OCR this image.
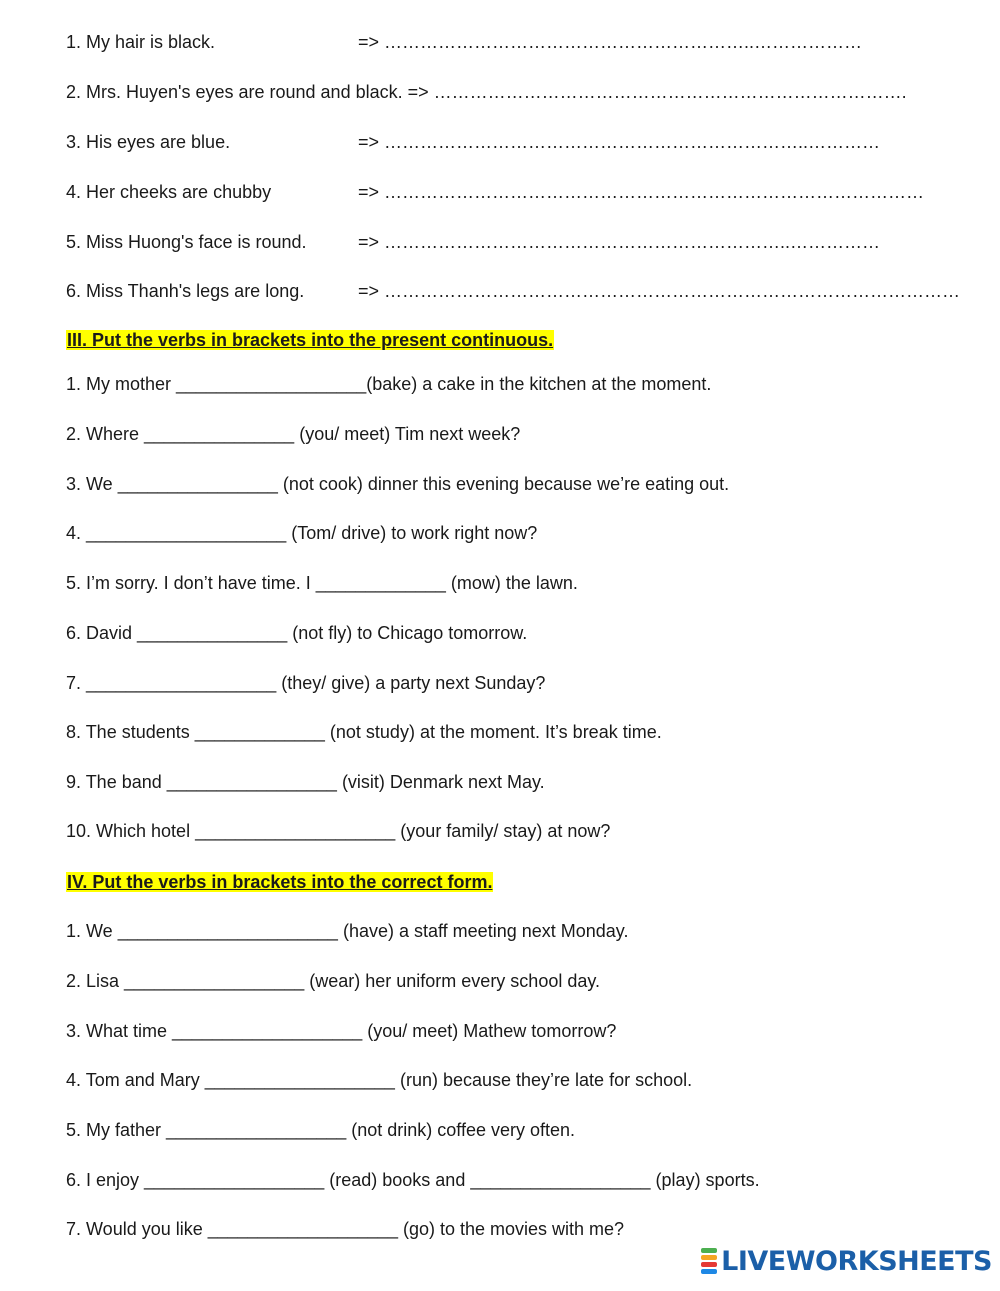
1. My hair is black.	=> ……………………………………………………..………………
2. Mrs. Huyen's eyes are round and black. => …………………………………………………………………….
3. His eyes are blue.	=> ……………………………………………………………..…………
4. Her cheeks are chubby	=> ………………………………………………………………………………
5. Miss Huong's face is round.	=> …………………………………………………………..……………
6. Miss Thanh's legs are long.	=> ……………………………………………………………………………………
III. Put the verbs in brackets into the present continuous.
1. My mother ___________________(bake) a cake in the kitchen at the moment.
2. Where _______________ (you/ meet) Tim next week?
3. We ________________ (not cook) dinner this evening because we’re eating out.
4. ____________________ (Tom/ drive) to work right now?
5. I’m sorry. I don’t have time. I _____________ (mow) the lawn.
6. David _______________ (not fly) to Chicago tomorrow.
7. ___________________ (they/ give) a party next Sunday?
8. The students _____________ (not study) at the moment. It’s break time.
9. The band _________________ (visit) Denmark next May.
10. Which hotel ____________________ (your family/ stay) at now?
IV. Put the verbs in brackets into the correct form.
1. We ______________________ (have) a staff meeting next Monday.
2. Lisa __________________ (wear) her uniform every school day.
3. What time ___________________ (you/ meet) Mathew tomorrow?
4. Tom and Mary ___________________ (run) because they’re late for school.
5. My father __________________ (not drink) coffee very often.
6. I enjoy __________________ (read) books and __________________ (play) sports.
7. Would you like ___________________ (go) to the movies with me?
LIVEWORKSHEETS
